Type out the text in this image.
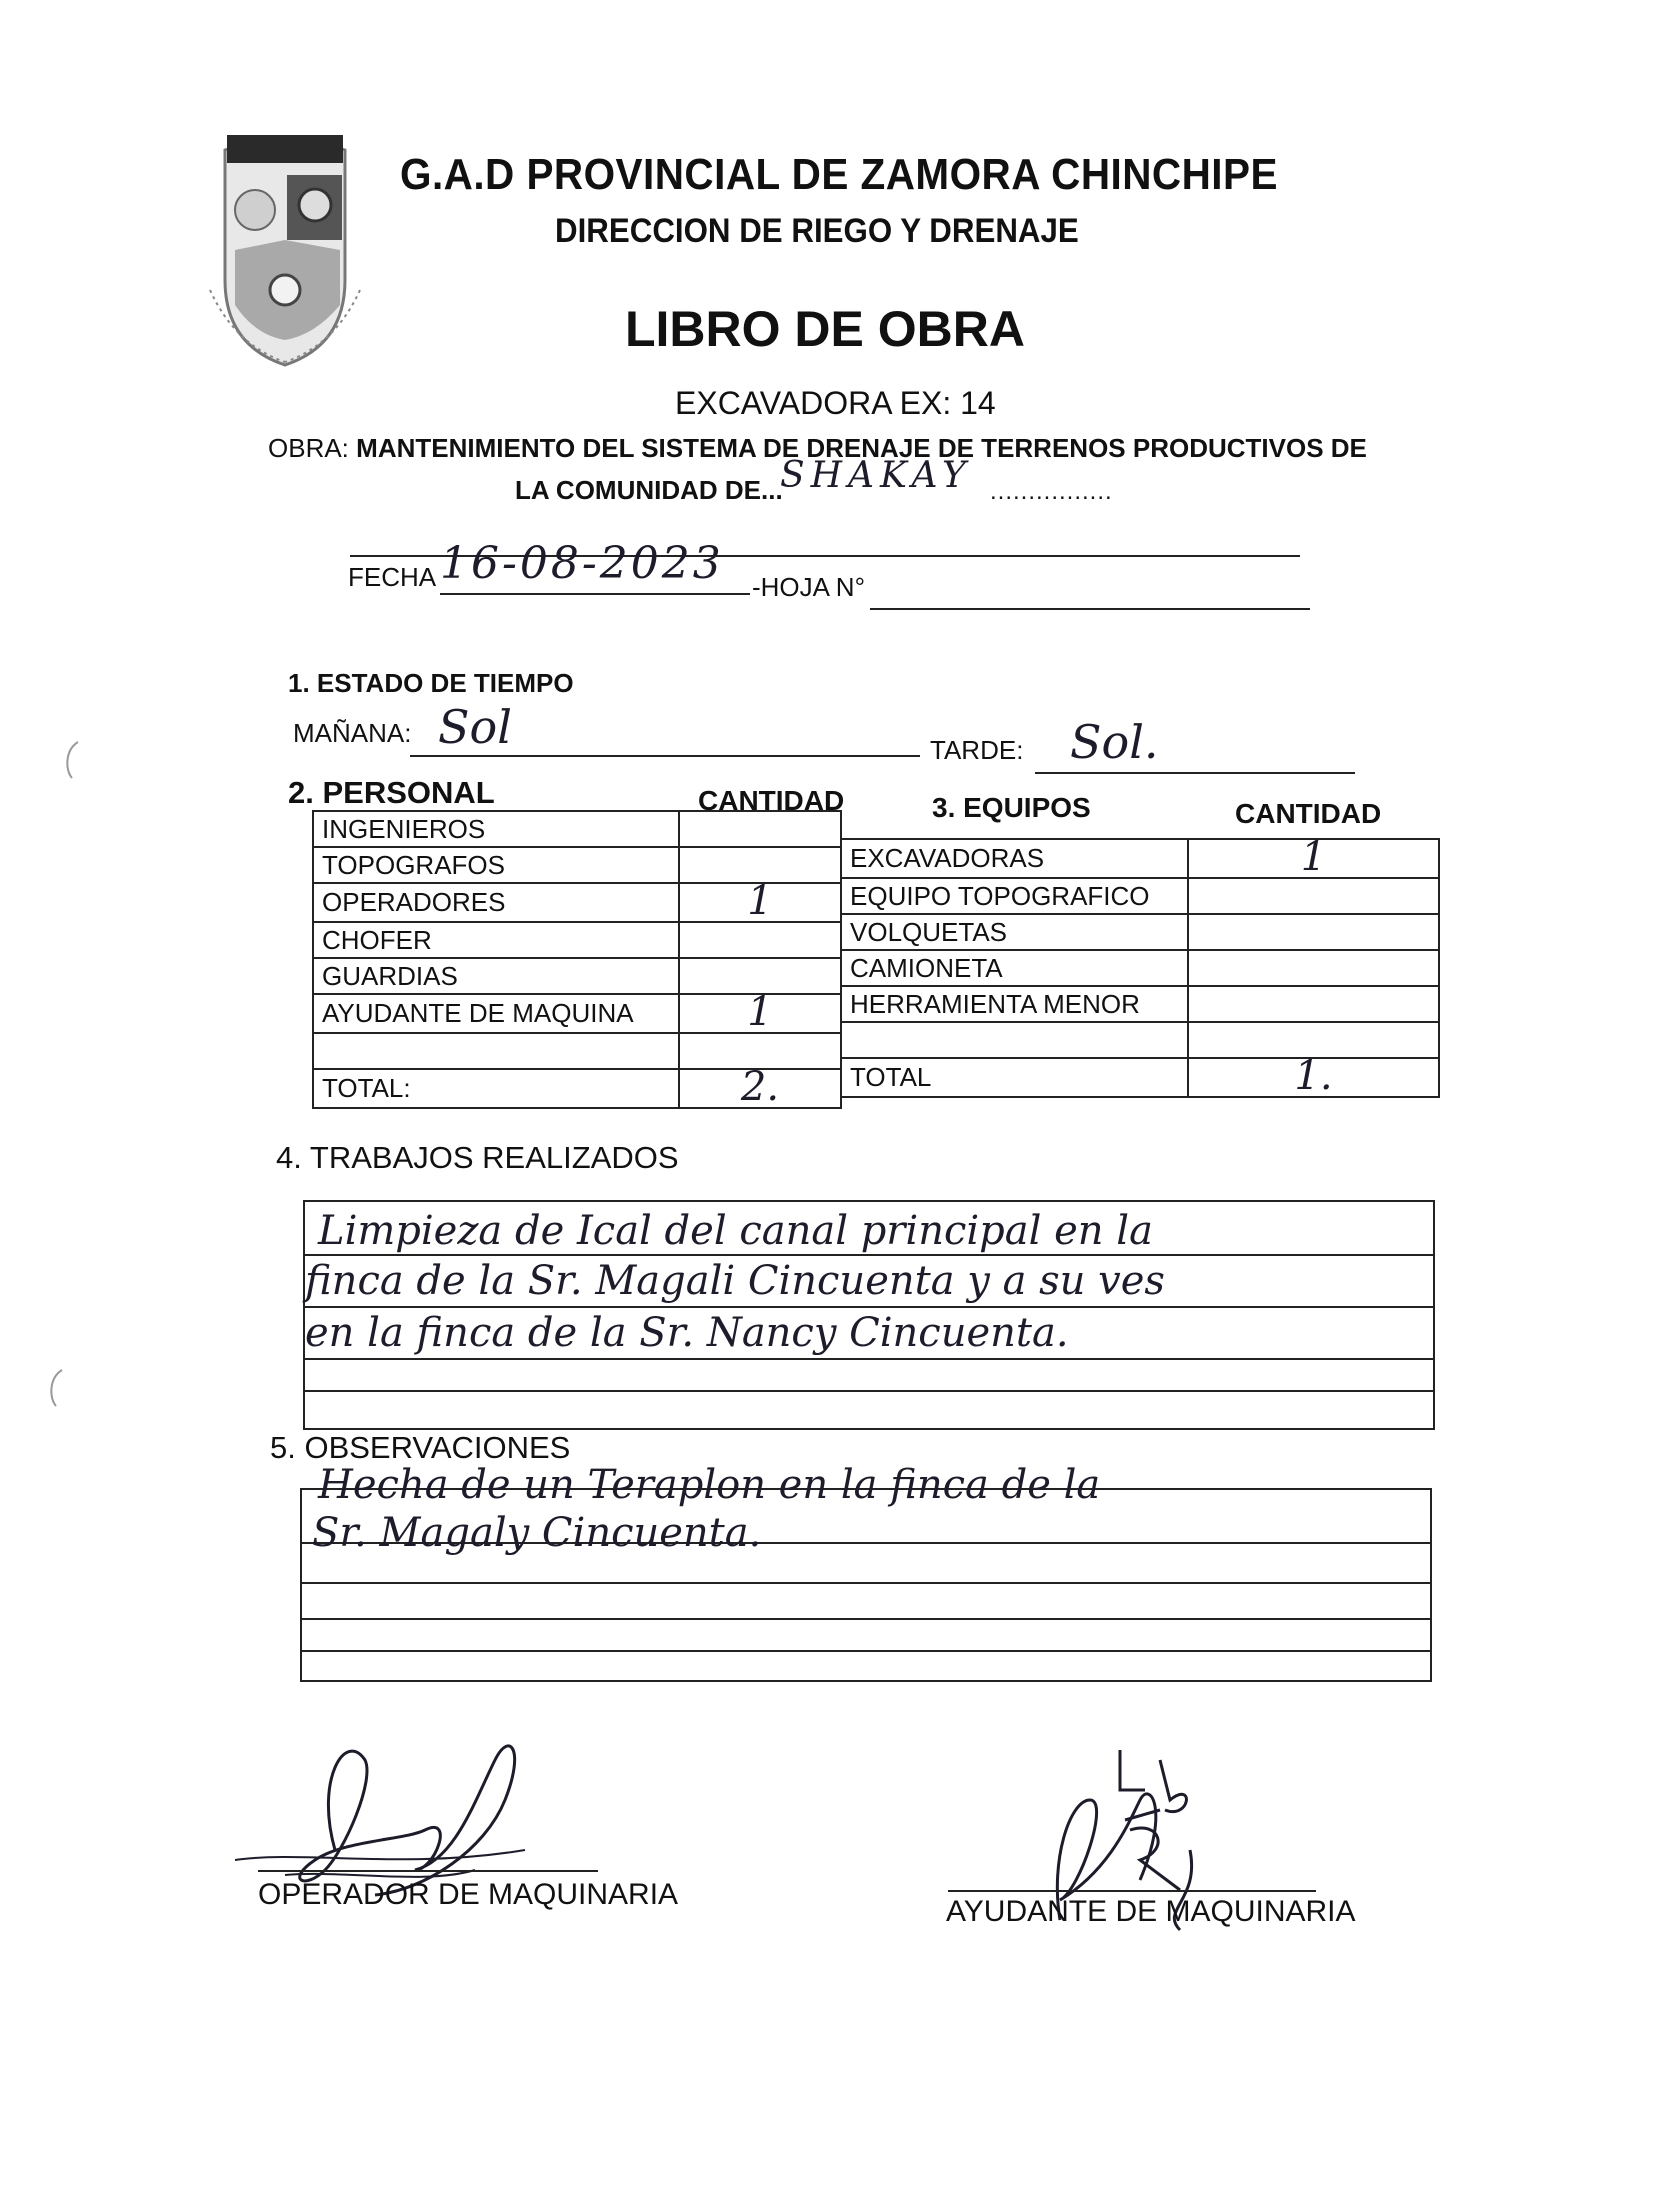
G.A.D PROVINCIAL DE ZAMORA CHINCHIPE
DIRECCION DE RIEGO Y DRENAJE
LIBRO DE OBRA
EXCAVADORA EX: 14
OBRA: MANTENIMIENTO DEL SISTEMA DE DRENAJE DE TERRENOS PRODUCTIVOS DE
LA COMUNIDAD DE...
SHAKAY ................
FECHA 16-08-2023 -HOJA N°
1. ESTADO DE TIEMPO
MAÑANA: Sol	TARDE: Sol.
2. PERSONAL	CANTIDAD	3. EQUIPOS	CANTIDAD
INGENIEROS	
TOPOGRAFOS	
OPERADORES	1
CHOFER	
GUARDIAS	
AYUDANTE DE MAQUINA	1

TOTAL:	2.
EXCAVADORAS	1
EQUIPO TOPOGRAFICO	
VOLQUETAS	
CAMIONETA	
HERRAMIENTA MENOR	

TOTAL	1.
4. TRABAJOS REALIZADOS
Limpieza de Ical del canal principal en la
finca de la Sr. Magali Cincuenta y a su ves
en la finca de la Sr. Nancy Cincuenta.
5. OBSERVACIONES
Hecha de un Teraplon en la finca de la
Sr. Magaly Cincuenta.
OPERADOR DE MAQUINARIA
AYUDANTE DE MAQUINARIA
